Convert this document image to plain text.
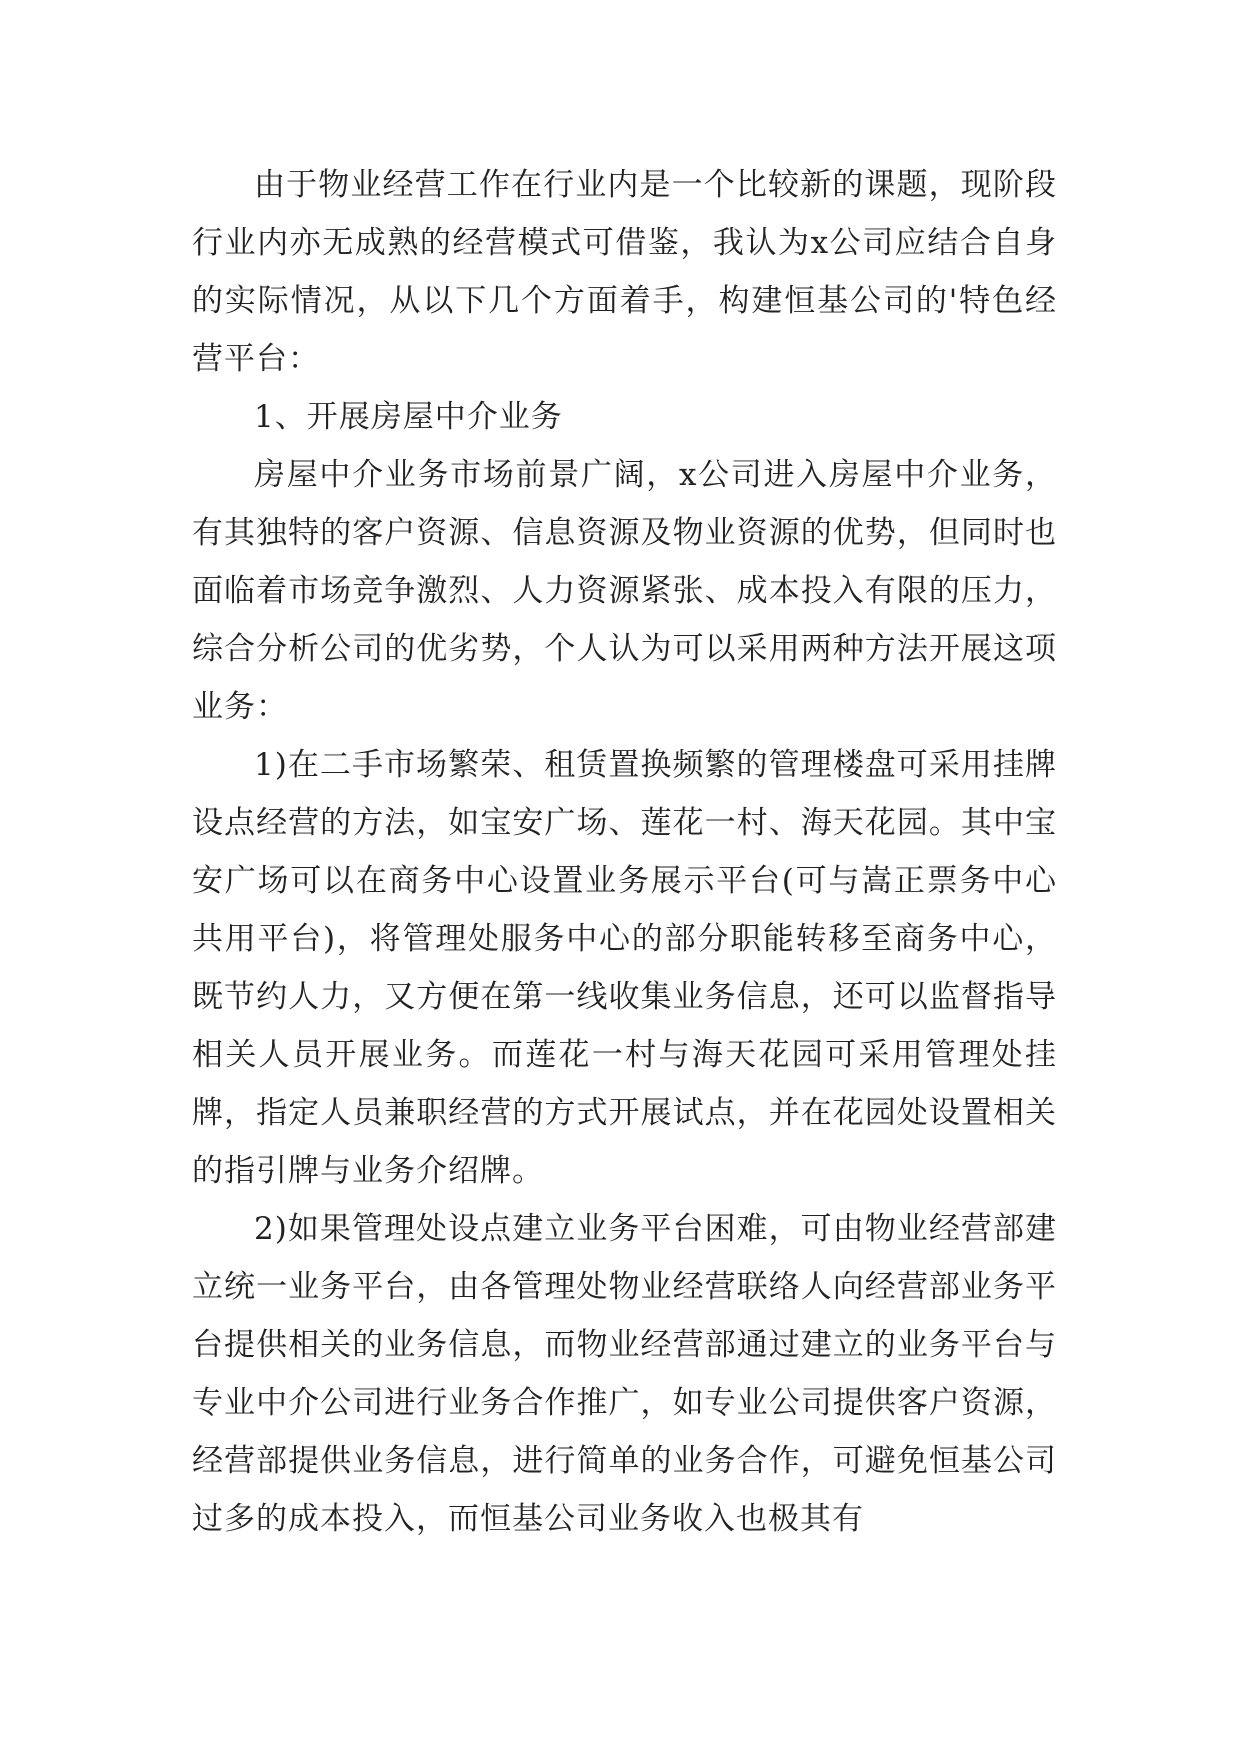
由于物业经营工作在行业内是一个比较新的课题，现阶段行业内亦无成熟的经营模式可借鉴，我认为x公司应结合自身的实际情况，从以下几个方面着手，构建恒基公司的'特色经营平台：

1、开展房屋中介业务

房屋中介业务市场前景广阔，x公司进入房屋中介业务，有其独特的客户资源、信息资源及物业资源的优势，但同时也面临着市场竞争激烈、人力资源紧张、成本投入有限的压力，综合分析公司的优劣势，个人认为可以采用两种方法开展这项业务：

1)在二手市场繁荣、租赁置换频繁的管理楼盘可采用挂牌设点经营的方法，如宝安广场、莲花一村、海天花园。其中宝安广场可以在商务中心设置业务展示平台(可与嵩正票务中心共用平台)，将管理处服务中心的部分职能转移至商务中心，既节约人力，又方便在第一线收集业务信息，还可以监督指导相关人员开展业务。而莲花一村与海天花园可采用管理处挂牌，指定人员兼职经营的方式开展试点，并在花园处设置相关的指引牌与业务介绍牌。

2)如果管理处设点建立业务平台困难，可由物业经营部建立统一业务平台，由各管理处物业经营联络人向经营部业务平台提供相关的业务信息，而物业经营部通过建立的业务平台与专业中介公司进行业务合作推广，如专业公司提供客户资源，经营部提供业务信息，进行简单的业务合作，可避免恒基公司过多的成本投入，而恒基公司业务收入也极其有
